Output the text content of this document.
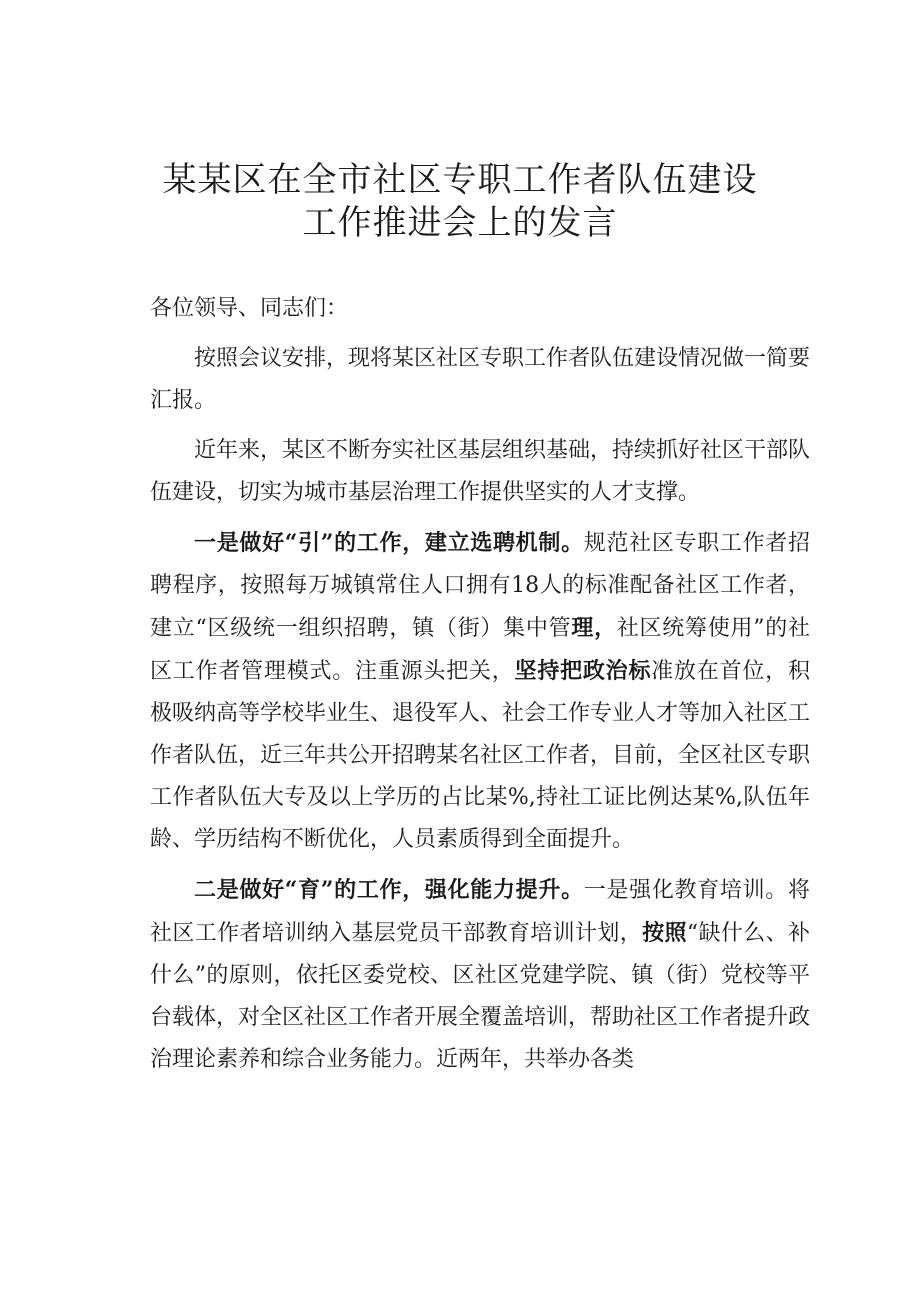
某某区在全市社区专职工作者队伍建设
工作推进会上的发言

各位领导、同志们：

按照会议安排，现将某区社区专职工作者队伍建设情况做一简要汇报。

近年来，某区不断夯实社区基层组织基础，持续抓好社区干部队伍建设，切实为城市基层治理工作提供坚实的人才支撑。

一是做好“引”的工作，建立选聘机制。规范社区专职工作者招聘程序，按照每万城镇常住人口拥有18人的标准配备社区工作者，建立“区级统一组织招聘，镇（街）集中管理，社区统筹使用”的社区工作者管理模式。注重源头把关，坚持把政治标准放在首位，积极吸纳高等学校毕业生、退役军人、社会工作专业人才等加入社区工作者队伍，近三年共公开招聘某名社区工作者，目前，全区社区专职工作者队伍大专及以上学历的占比某%,持社工证比例达某%,队伍年龄、学历结构不断优化，人员素质得到全面提升。

二是做好“育”的工作，强化能力提升。一是强化教育培训。将社区工作者培训纳入基层党员干部教育培训计划，按照“缺什么、补什么”的原则，依托区委党校、区社区党建学院、镇（街）党校等平台载体，对全区社区工作者开展全覆盖培训，帮助社区工作者提升政治理论素养和综合业务能力。近两年，共举办各类
